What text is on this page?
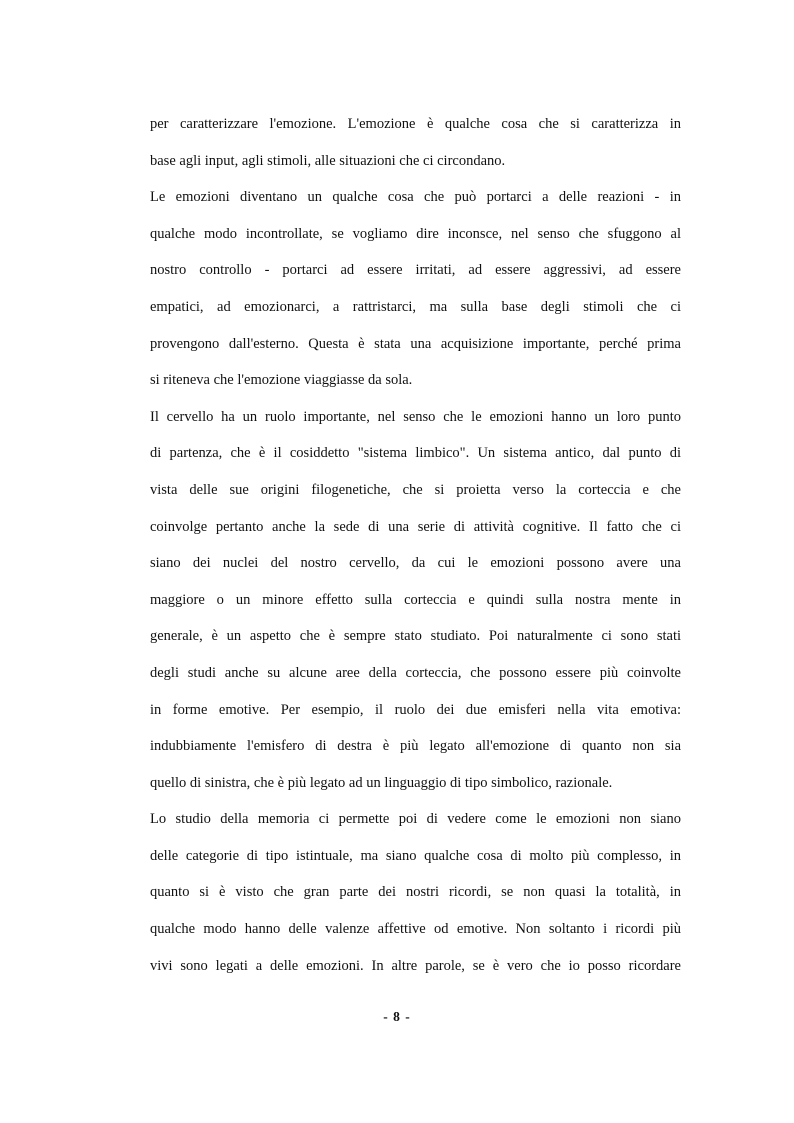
per caratterizzare l'emozione. L'emozione è qualche cosa che si caratterizza in
base agli input, agli stimoli, alle situazioni che ci circondano.
Le emozioni diventano un qualche cosa che può portarci a delle reazioni - in
qualche modo incontrollate, se vogliamo dire inconsce, nel senso che sfuggono al
nostro controllo - portarci ad essere irritati, ad essere aggressivi, ad essere
empatici, ad emozionarci, a rattristarci, ma sulla base degli stimoli che ci
provengono dall'esterno. Questa è stata una acquisizione importante, perché prima
si riteneva che l'emozione viaggiasse da sola.
Il cervello ha un ruolo importante, nel senso che le emozioni hanno un loro punto
di partenza, che è il cosiddetto "sistema limbico". Un sistema antico, dal punto di
vista delle sue origini filogenetiche, che si proietta verso la corteccia e che
coinvolge pertanto anche la sede di una serie di attività cognitive. Il fatto che ci
siano dei nuclei del nostro cervello, da cui le emozioni possono avere una
maggiore o un minore effetto sulla corteccia e quindi sulla nostra mente in
generale, è un aspetto che è sempre stato studiato. Poi naturalmente ci sono stati
degli studi anche su alcune aree della corteccia, che possono essere più coinvolte
in forme emotive. Per esempio, il ruolo dei due emisferi nella vita emotiva:
indubbiamente l'emisfero di destra è più legato all'emozione di quanto non sia
quello di sinistra, che è più legato ad un linguaggio di tipo simbolico, razionale.
Lo studio della memoria ci permette poi di vedere come le emozioni non siano
delle categorie di tipo istintuale, ma siano qualche cosa di molto più complesso, in
quanto si è visto che gran parte dei nostri ricordi, se non quasi la totalità, in
qualche modo hanno delle valenze affettive od emotive. Non soltanto i ricordi più
vivi sono legati a delle emozioni. In altre parole, se è vero che io posso ricordare
- 8 -
